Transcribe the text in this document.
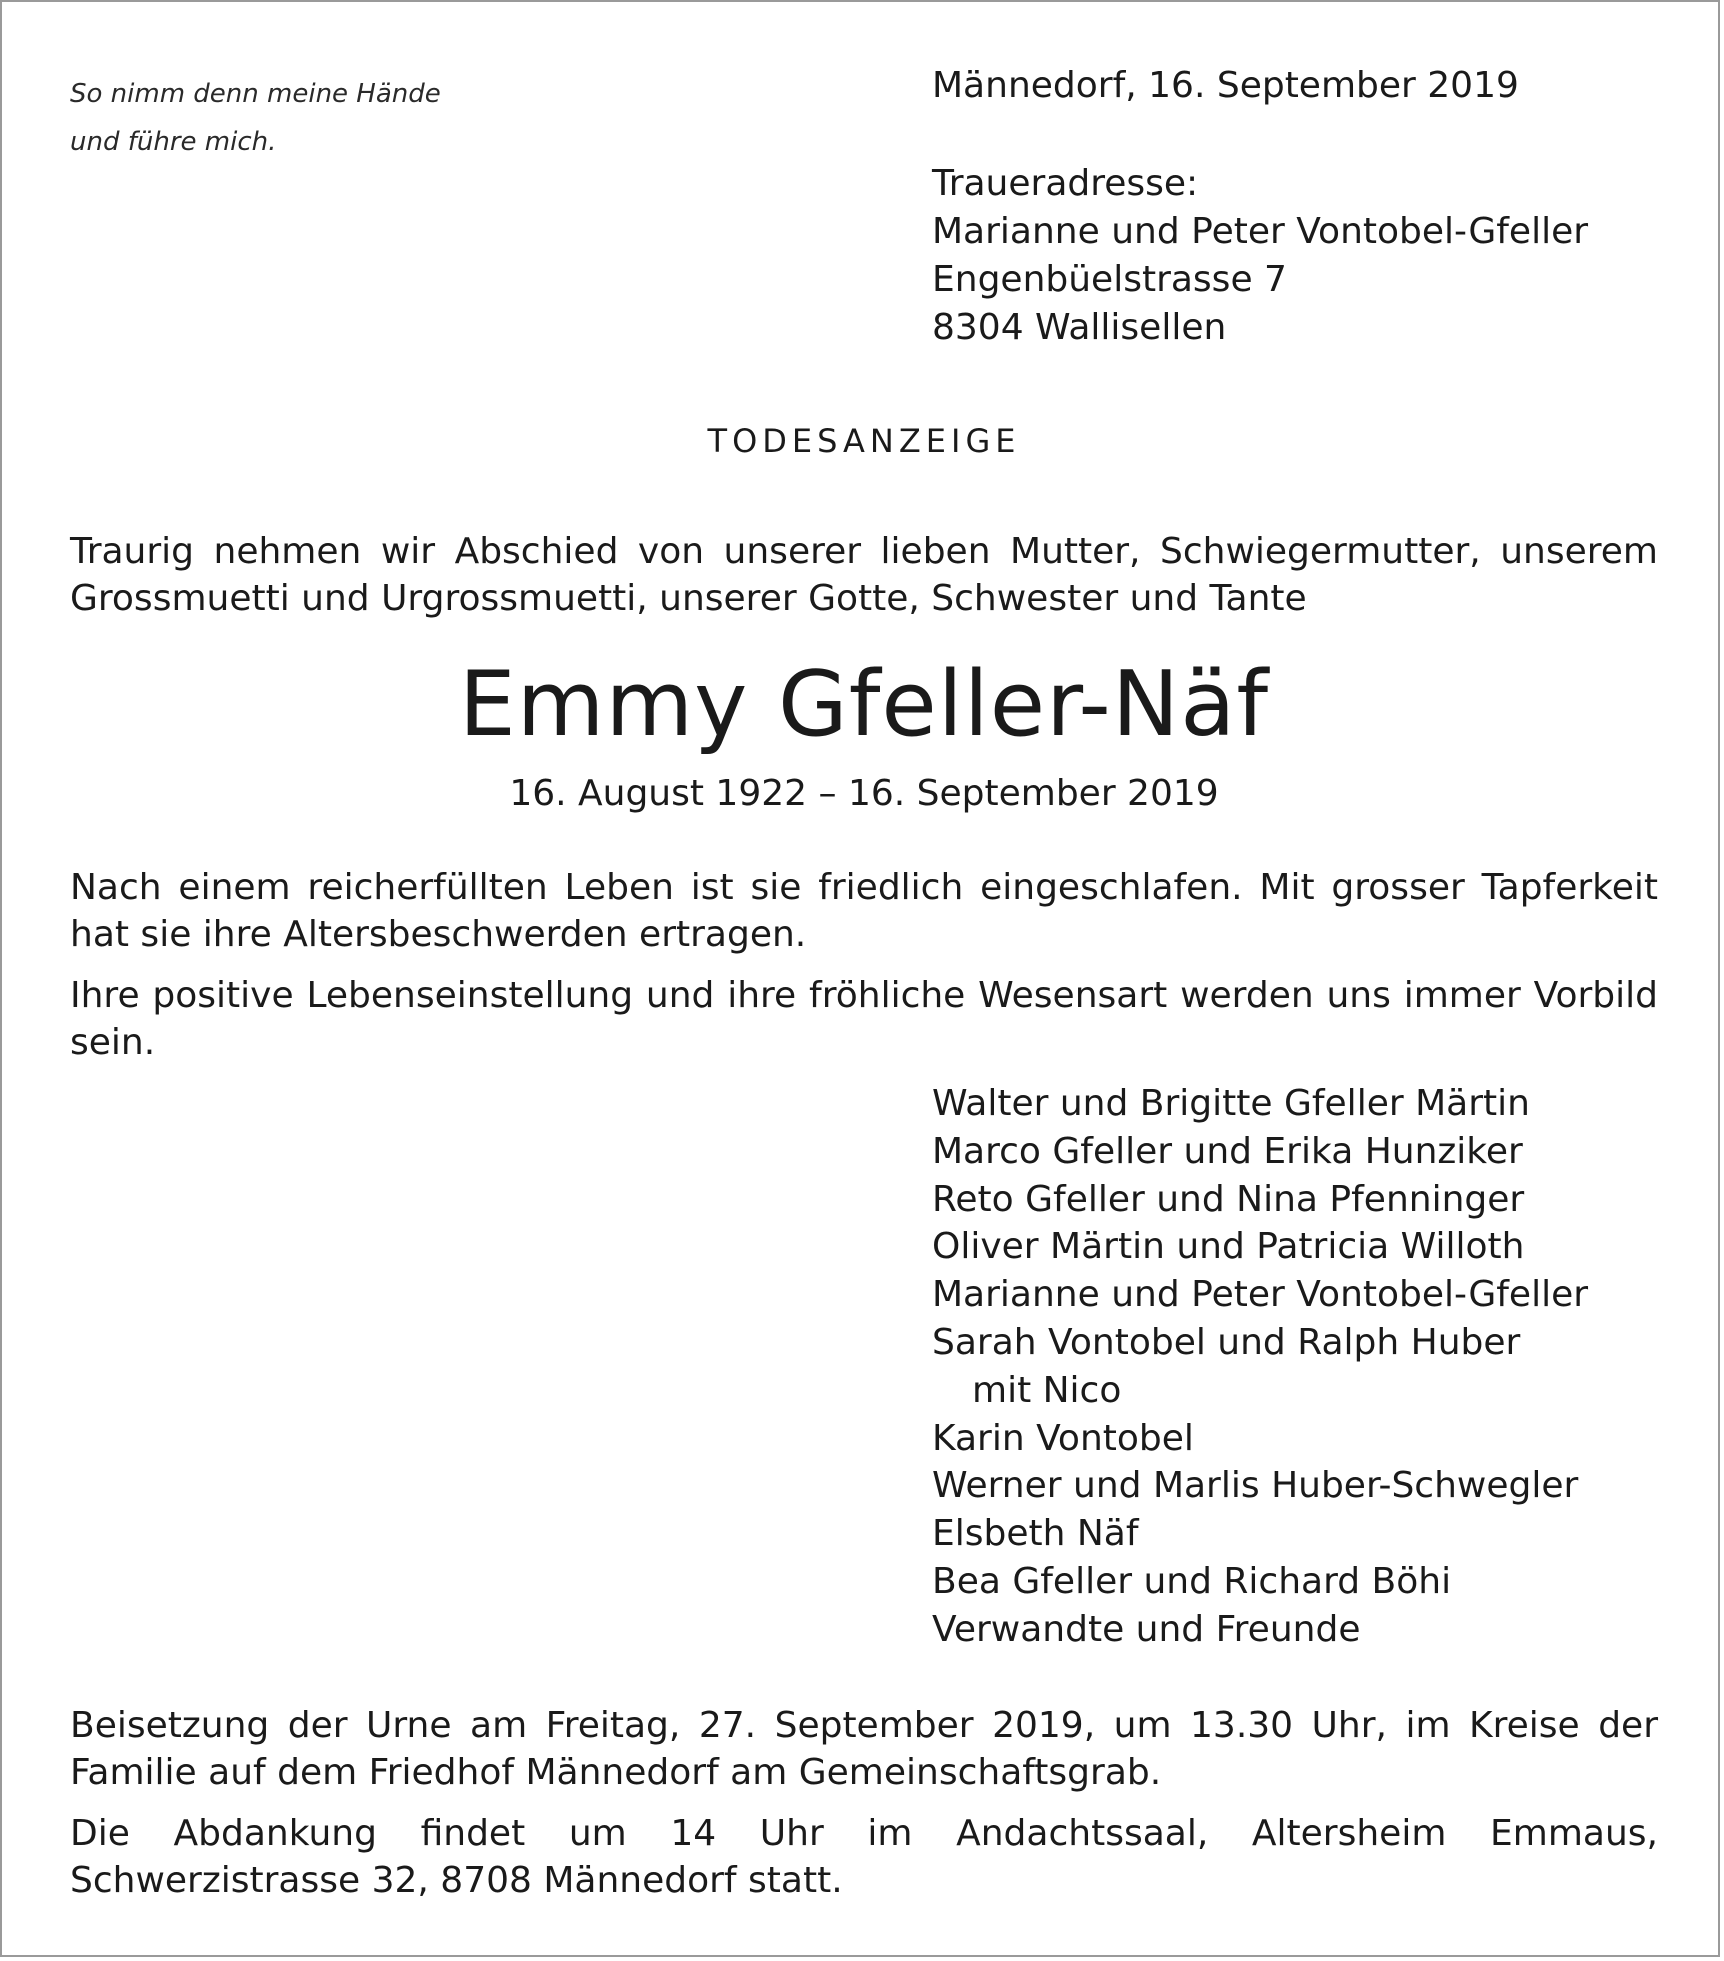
So nimm denn meine Hände
und führe mich.
Männedorf, 16. September 2019
Traueradresse:
Marianne und Peter Vontobel-Gfeller
Engenbüelstrasse 7
8304 Wallisellen
TODESANZEIGE
Traurig nehmen wir Abschied von unserer lieben Mutter, Schwiegermutter, unserem Grossmuetti und Urgrossmuetti, unserer Gotte, Schwester und Tante
Emmy Gfeller-Näf
16. August 1922 – 16. September 2019
Nach einem reicherfüllten Leben ist sie friedlich eingeschlafen. Mit grosser Tapferkeit hat sie ihre Altersbeschwerden ertragen.
Ihre positive Lebenseinstellung und ihre fröhliche Wesensart werden uns immer Vorbild sein.
Walter und Brigitte Gfeller Märtin
Marco Gfeller und Erika Hunziker
Reto Gfeller und Nina Pfenninger
Oliver Märtin und Patricia Willoth
Marianne und Peter Vontobel-Gfeller
Sarah Vontobel und Ralph Huber
mit Nico
Karin Vontobel
Werner und Marlis Huber-Schwegler
Elsbeth Näf
Bea Gfeller und Richard Böhi
Verwandte und Freunde
Beisetzung der Urne am Freitag, 27. September 2019, um 13.30 Uhr, im Kreise der Familie auf dem Friedhof Männedorf am Gemeinschaftsgrab.
Die Abdankung findet um 14 Uhr im Andachtssaal, Altersheim Emmaus, Schwerzistrasse 32, 8708 Männedorf statt.
